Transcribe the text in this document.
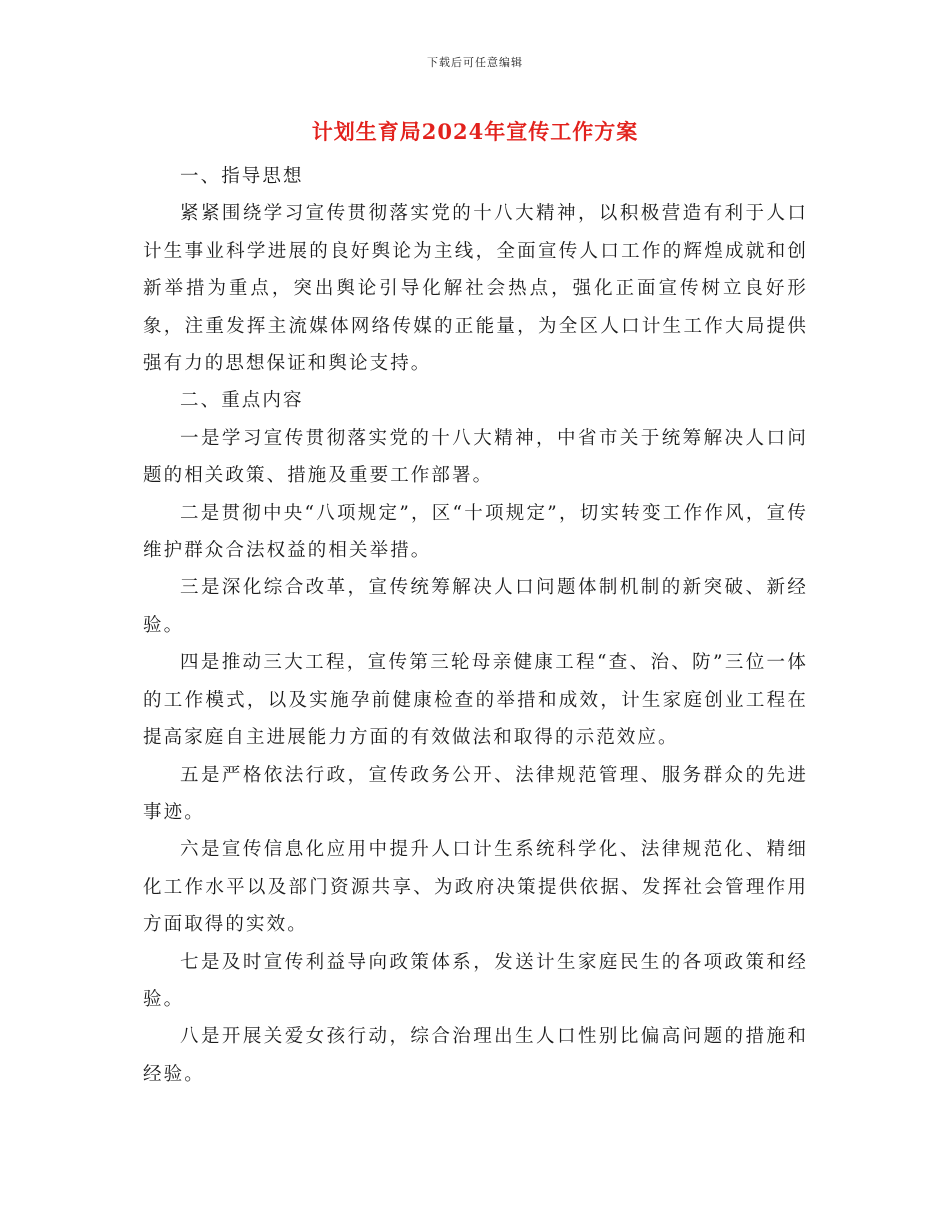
下载后可任意编辑
计划生育局2024年宣传工作方案

一、指导思想

紧紧围绕学习宣传贯彻落实党的十八大精神，以积极营造有利于人口计生事业科学进展的良好舆论为主线，全面宣传人口工作的辉煌成就和创新举措为重点，突出舆论引导化解社会热点，强化正面宣传树立良好形象，注重发挥主流媒体网络传媒的正能量，为全区人口计生工作大局提供强有力的思想保证和舆论支持。

二、重点内容

一是学习宣传贯彻落实党的十八大精神，中省市关于统筹解决人口问题的相关政策、措施及重要工作部署。

二是贯彻中央“八项规定”，区“十项规定”，切实转变工作作风，宣传维护群众合法权益的相关举措。

三是深化综合改革，宣传统筹解决人口问题体制机制的新突破、新经验。

四是推动三大工程，宣传第三轮母亲健康工程“查、治、防”三位一体的工作模式，以及实施孕前健康检查的举措和成效，计生家庭创业工程在提高家庭自主进展能力方面的有效做法和取得的示范效应。

五是严格依法行政，宣传政务公开、法律规范管理、服务群众的先进事迹。

六是宣传信息化应用中提升人口计生系统科学化、法律规范化、精细化工作水平以及部门资源共享、为政府决策提供依据、发挥社会管理作用方面取得的实效。

七是及时宣传利益导向政策体系，发送计生家庭民生的各项政策和经验。

八是开展关爱女孩行动，综合治理出生人口性别比偏高问题的措施和经验。
